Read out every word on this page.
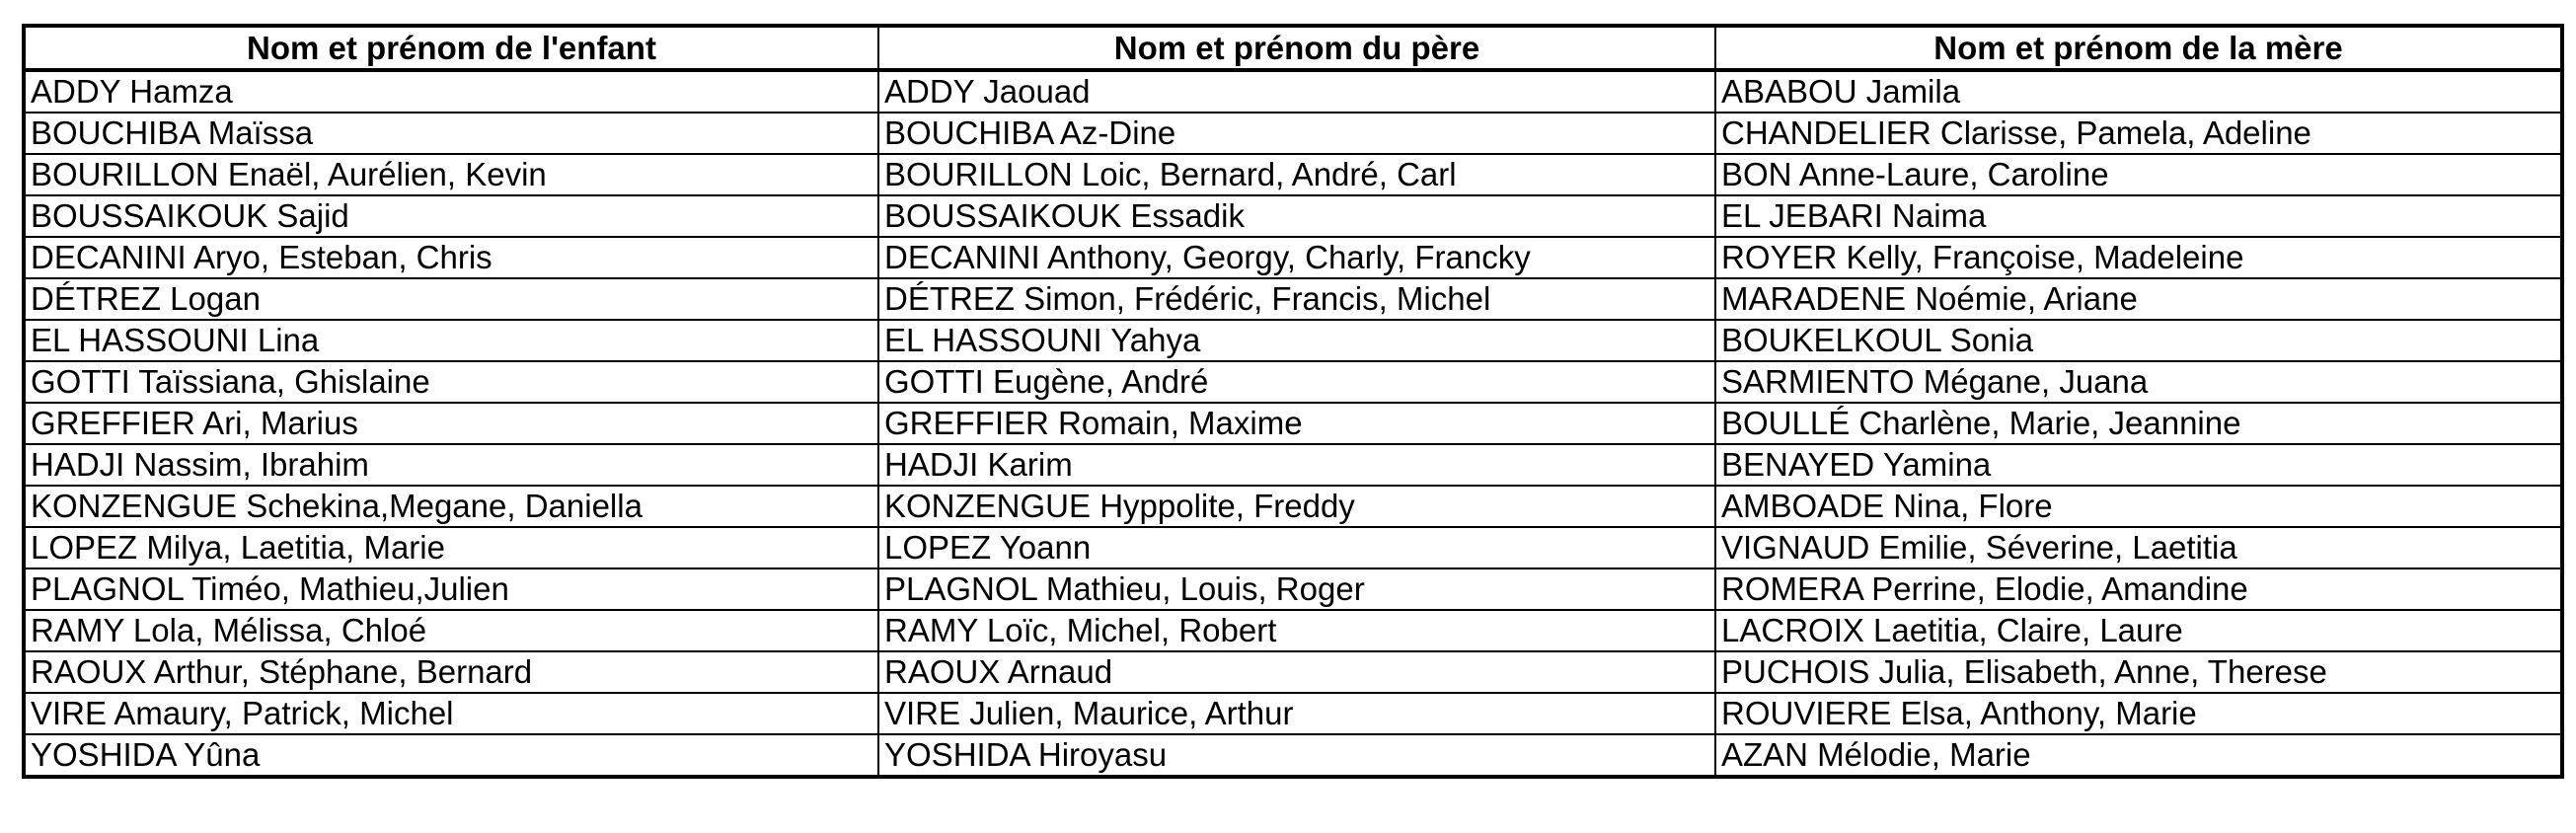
Nom et prénom de l'enfant	Nom et prénom du père	Nom et prénom de la mère
ADDY Hamza	ADDY Jaouad	ABABOU Jamila
BOUCHIBA Maïssa	BOUCHIBA Az-Dine	CHANDELIER Clarisse, Pamela, Adeline
BOURILLON Enaël, Aurélien, Kevin	BOURILLON Loic, Bernard, André, Carl	BON Anne-Laure, Caroline
BOUSSAIKOUK Sajid	BOUSSAIKOUK Essadik	EL JEBARI Naima
DECANINI Aryo, Esteban, Chris	DECANINI Anthony, Georgy, Charly, Francky	ROYER Kelly, Françoise, Madeleine
DÉTREZ Logan	DÉTREZ Simon, Frédéric, Francis, Michel	MARADENE Noémie, Ariane
EL HASSOUNI Lina	EL HASSOUNI Yahya	BOUKELKOUL Sonia
GOTTI Taïssiana, Ghislaine	GOTTI Eugène, André	SARMIENTO Mégane, Juana
GREFFIER Ari, Marius	GREFFIER Romain, Maxime	BOULLÉ Charlène, Marie, Jeannine
HADJI Nassim, Ibrahim	HADJI Karim	BENAYED Yamina
KONZENGUE Schekina,Megane, Daniella	KONZENGUE Hyppolite, Freddy	AMBOADE Nina, Flore
LOPEZ Milya, Laetitia, Marie	LOPEZ Yoann	VIGNAUD Emilie, Séverine, Laetitia
PLAGNOL Timéo, Mathieu,Julien	PLAGNOL Mathieu, Louis, Roger	ROMERA Perrine, Elodie, Amandine
RAMY Lola, Mélissa, Chloé	RAMY Loïc, Michel, Robert	LACROIX Laetitia, Claire, Laure
RAOUX Arthur, Stéphane, Bernard	RAOUX Arnaud	PUCHOIS Julia, Elisabeth, Anne, Therese
VIRE Amaury, Patrick, Michel	VIRE Julien, Maurice, Arthur	ROUVIERE Elsa, Anthony, Marie
YOSHIDA Yûna	YOSHIDA Hiroyasu	AZAN Mélodie, Marie
